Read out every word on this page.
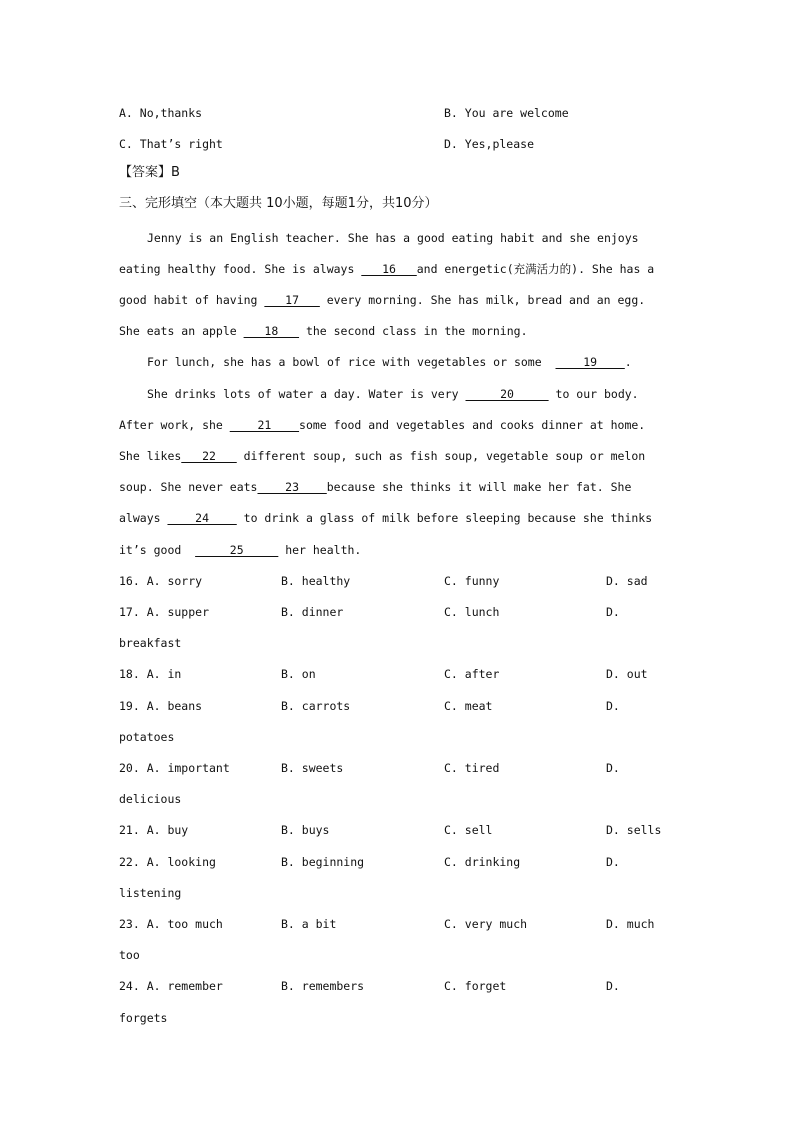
A. No,thanks	B. You are welcome
C. That’s right	D. Yes,please
【答案】B
三、完形填空（本大题共 10小题，每题1分，共10分）
Jenny is an English teacher. She has a good eating habit and she enjoys
eating healthy food. She is always ___16___and energetic(充满活力的). She has a
good habit of having ___17___ every morning. She has milk, bread and an egg.
She eats an apple ___18___ the second class in the morning.
For lunch, she has a bowl of rice with vegetables or some  ____19____.
She drinks lots of water a day. Water is very _____20_____ to our body.
After work, she ____21____some food and vegetables and cooks dinner at home.
She likes___22___ different soup, such as fish soup, vegetable soup or melon
soup. She never eats____23____because she thinks it will make her fat. She
always ____24____ to drink a glass of milk before sleeping because she thinks
it’s good  _____25_____ her health.
16. A. sorry	B. healthy	C. funny	D. sad
17. A. supper	B. dinner	C. lunch	D.
breakfast
18. A. in	B. on	C. after	D. out
19. A. beans	B. carrots	C. meat	D.
potatoes
20. A. important	B. sweets	C. tired	D.
delicious
21. A. buy	B. buys	C. sell	D. sells
22. A. looking	B. beginning	C. drinking	D.
listening
23. A. too much	B. a bit	C. very much	D. much
too
24. A. remember	B. remembers	C. forget	D.
forgets
